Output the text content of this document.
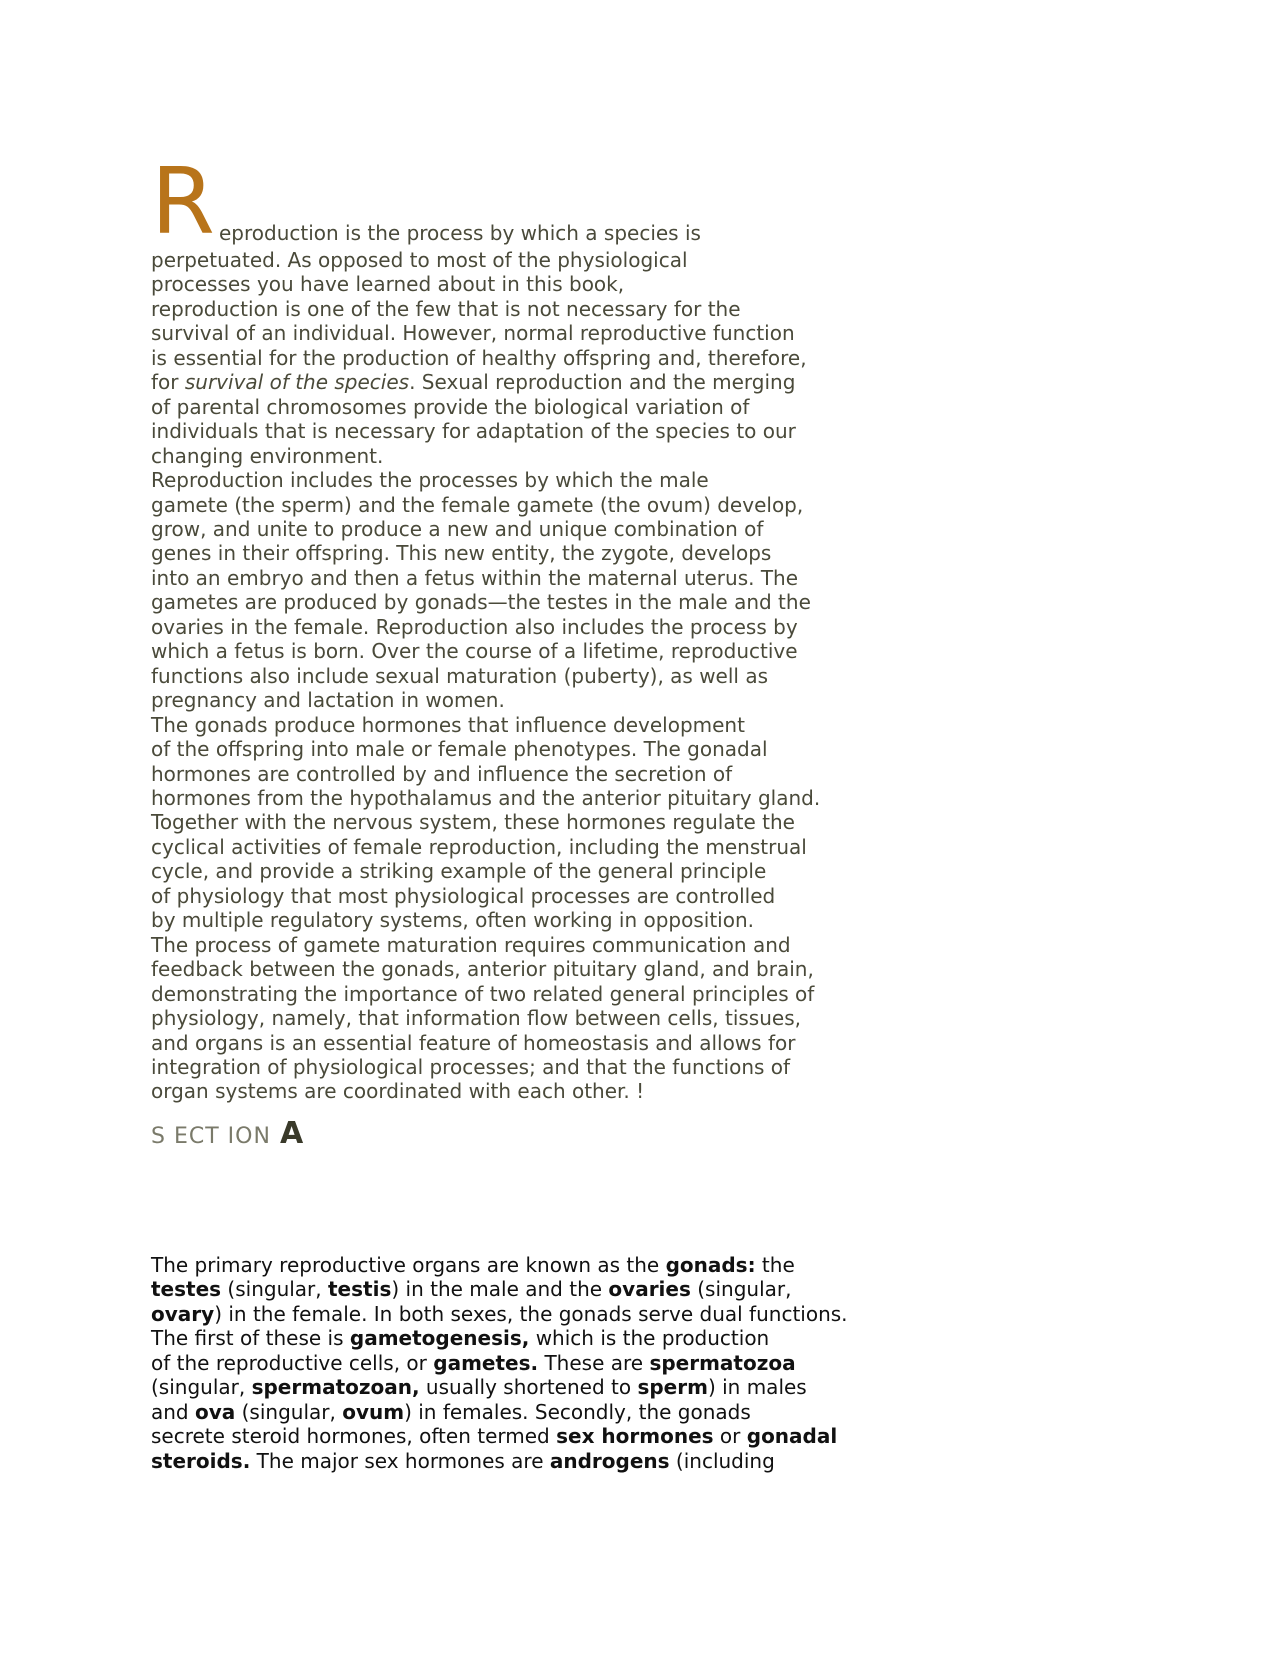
R eproduction is the process by which a species is
perpetuated. As opposed to most of the physiological
processes you have learned about in this book,
reproduction is one of the few that is not necessary for the
survival of an individual. However, normal reproductive function
is essential for the production of healthy offspring and, therefore,
for survival of the species. Sexual reproduction and the merging
of parental chromosomes provide the biological variation of
individuals that is necessary for adaptation of the species to our
changing environment.
Reproduction includes the processes by which the male
gamete (the sperm) and the female gamete (the ovum) develop,
grow, and unite to produce a new and unique combination of
genes in their offspring. This new entity, the zygote, develops
into an embryo and then a fetus within the maternal uterus. The
gametes are produced by gonads—the testes in the male and the
ovaries in the female. Reproduction also includes the process by
which a fetus is born. Over the course of a lifetime, reproductive
functions also include sexual maturation (puberty), as well as
pregnancy and lactation in women.
The gonads produce hormones that influence development
of the offspring into male or female phenotypes. The gonadal
hormones are controlled by and influence the secretion of
hormones from the hypothalamus and the anterior pituitary gland.
Together with the nervous system, these hormones regulate the
cyclical activities of female reproduction, including the menstrual
cycle, and provide a striking example of the general principle
of physiology that most physiological processes are controlled
by multiple regulatory systems, often working in opposition.
The process of gamete maturation requires communication and
feedback between the gonads, anterior pituitary gland, and brain,
demonstrating the importance of two related general principles of
physiology, namely, that information flow between cells, tissues,
and organs is an essential feature of homeostasis and allows for
integration of physiological processes; and that the functions of
organ systems are coordinated with each other. !
S ECT ION A
The primary reproductive organs are known as the gonads: the
testes (singular, testis) in the male and the ovaries (singular,
ovary) in the female. In both sexes, the gonads serve dual functions.
The first of these is gametogenesis, which is the production
of the reproductive cells, or gametes. These are spermatozoa
(singular, spermatozoan, usually shortened to sperm) in males
and ova (singular, ovum) in females. Secondly, the gonads
secrete steroid hormones, often termed sex hormones or gonadal
steroids. The major sex hormones are androgens (including
